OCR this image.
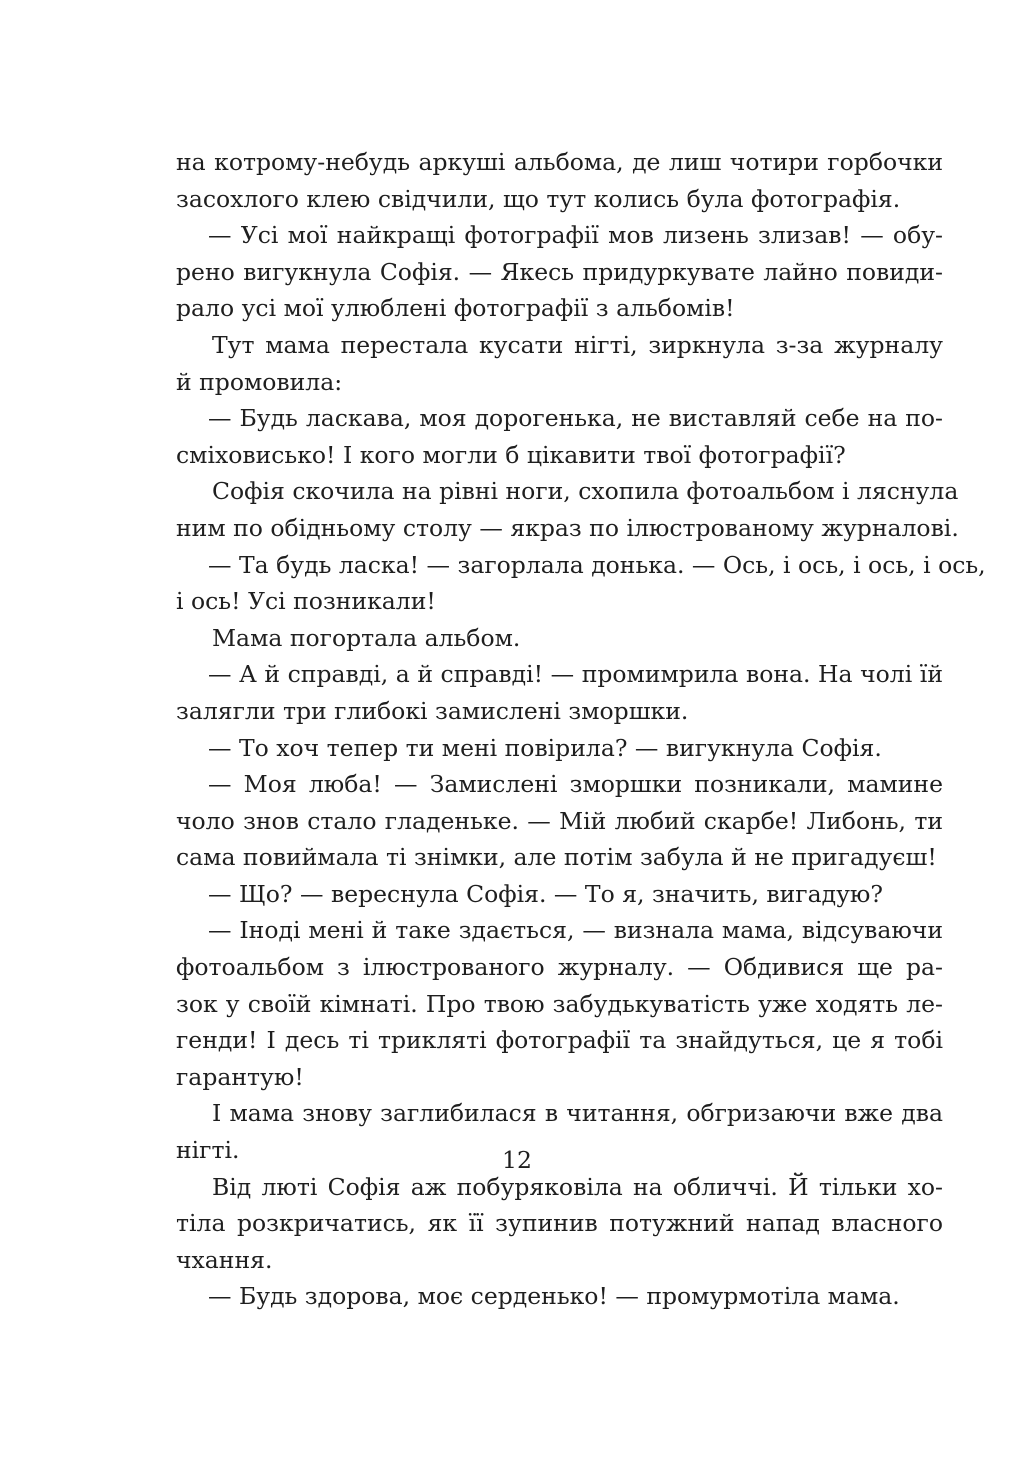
на котрому-небудь аркуші альбома, де лиш чотири горбочки
засохлого клею свідчили, що тут колись була фотографія.
— Усі мої найкращі фотографії мов лизень злизав! — обу-
рено вигукнула Софія. — Якесь придуркувате лайно повиди-
рало усі мої улюблені фотографії з альбомів!
Тут мама перестала кусати нігті, зиркнула з-за журналу
й промовила:
— Будь ласкава, моя дорогенька, не виставляй себе на по-
сміховисько! І кого могли б цікавити твої фотографії?
Софія скочила на рівні ноги, схопила фотоальбом і ляснула
ним по обідньому столу — якраз по ілюстрованому журналові.
— Та будь ласка! — загорлала донька. — Ось, і ось, і ось, і ось,
і ось! Усі позникали!
Мама погортала альбом.
— А й справді, а й справді! — промимрила вона. На чолі їй
залягли три глибокі замислені зморшки.
— То хоч тепер ти мені повірила? — вигукнула Софія.
— Моя люба! — Замислені зморшки позникали, мамине
чоло знов стало гладеньке. — Мій любий скарбе! Либонь, ти
сама повиймала ті знімки, але потім забула й не пригадуєш!
— Що? — вереснула Софія. — То я, значить, вигадую?
— Іноді мені й таке здається, — визнала мама, відсуваючи
фотоальбом з ілюстрованого журналу. — Обдивися ще ра-
зок у своїй кімнаті. Про твою забудькуватість уже ходять ле-
генди! І десь ті трикляті фотографії та знайдуться, це я тобі
гарантую!
І мама знову заглибилася в читання, обгризаючи вже два
нігті.
Від люті Софія аж побуряковіла на обличчі. Й тільки хо-
тіла розкричатись, як її зупинив потужний напад власного
чхання.
— Будь здорова, моє серденько! — промурмотіла мама.
12
